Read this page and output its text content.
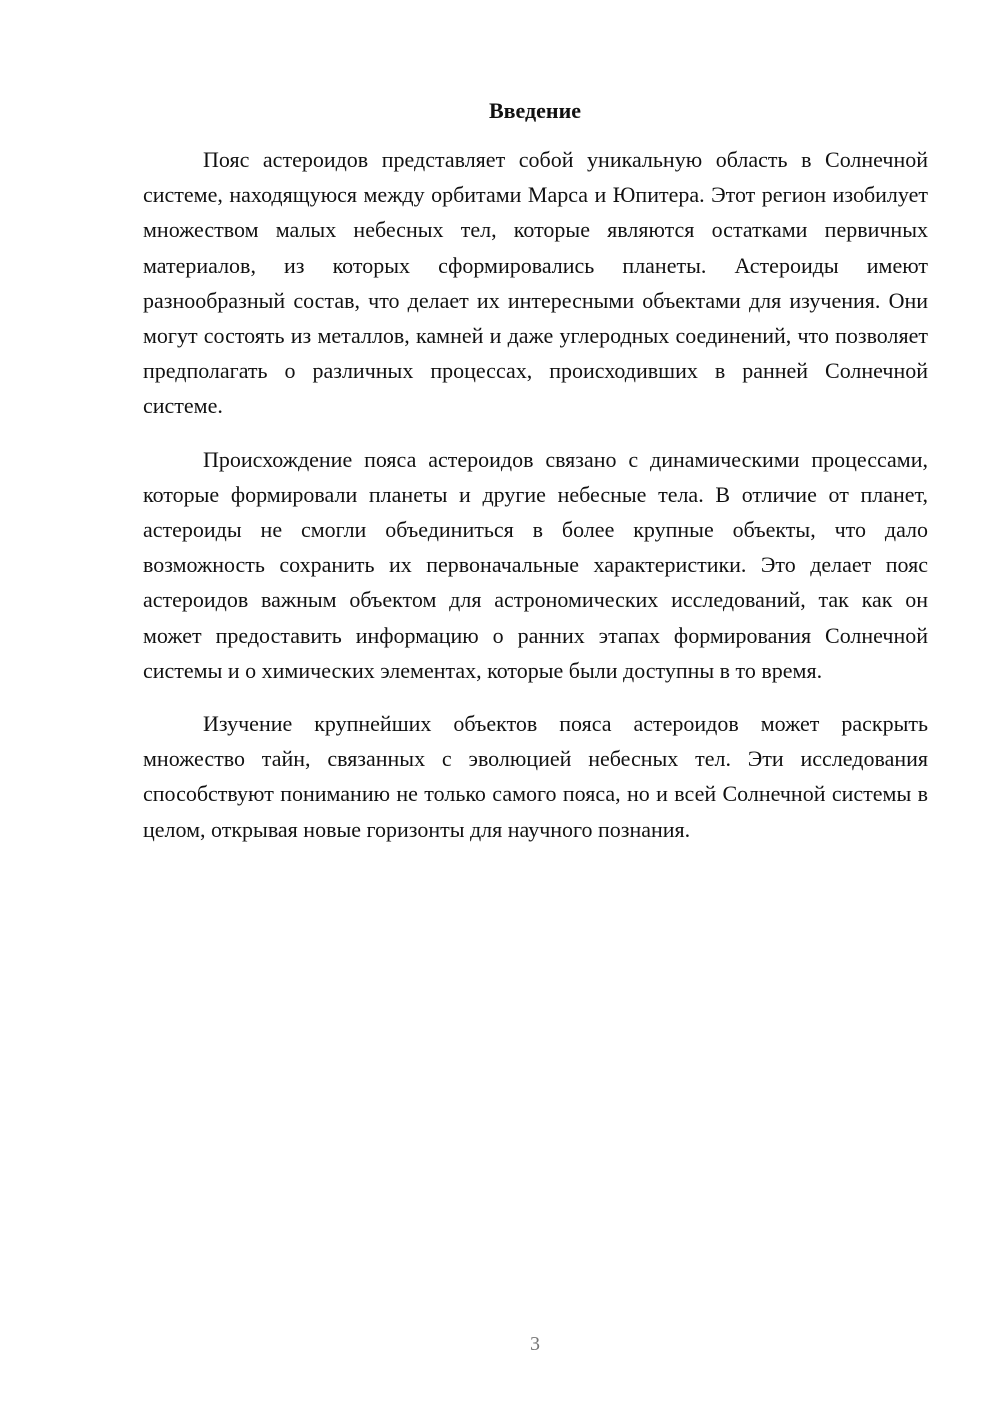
Введение

Пояс астероидов представляет собой уникальную область в Солнечной системе, находящуюся между орбитами Марса и Юпитера. Этот регион изобилует множеством малых небесных тел, которые являются остатками первичных материалов, из которых сформировались планеты. Астероиды имеют разнообразный состав, что делает их интересными объектами для изучения. Они могут состоять из металлов, камней и даже углеродных соединений, что позволяет предполагать о различных процессах, происходивших в ранней Солнечной системе.

Происхождение пояса астероидов связано с динамическими процессами, которые формировали планеты и другие небесные тела. В отличие от планет, астероиды не смогли объединиться в более крупные объекты, что дало возможность сохранить их первоначальные характеристики. Это делает пояс астероидов важным объектом для астрономических исследований, так как он может предоставить информацию о ранних этапах формирования Солнечной системы и о химических элементах, которые были доступны в то время.

Изучение крупнейших объектов пояса астероидов может раскрыть множество тайн, связанных с эволюцией небесных тел. Эти исследования способствуют пониманию не только самого пояса, но и всей Солнечной системы в целом, открывая новые горизонты для научного познания.

3
